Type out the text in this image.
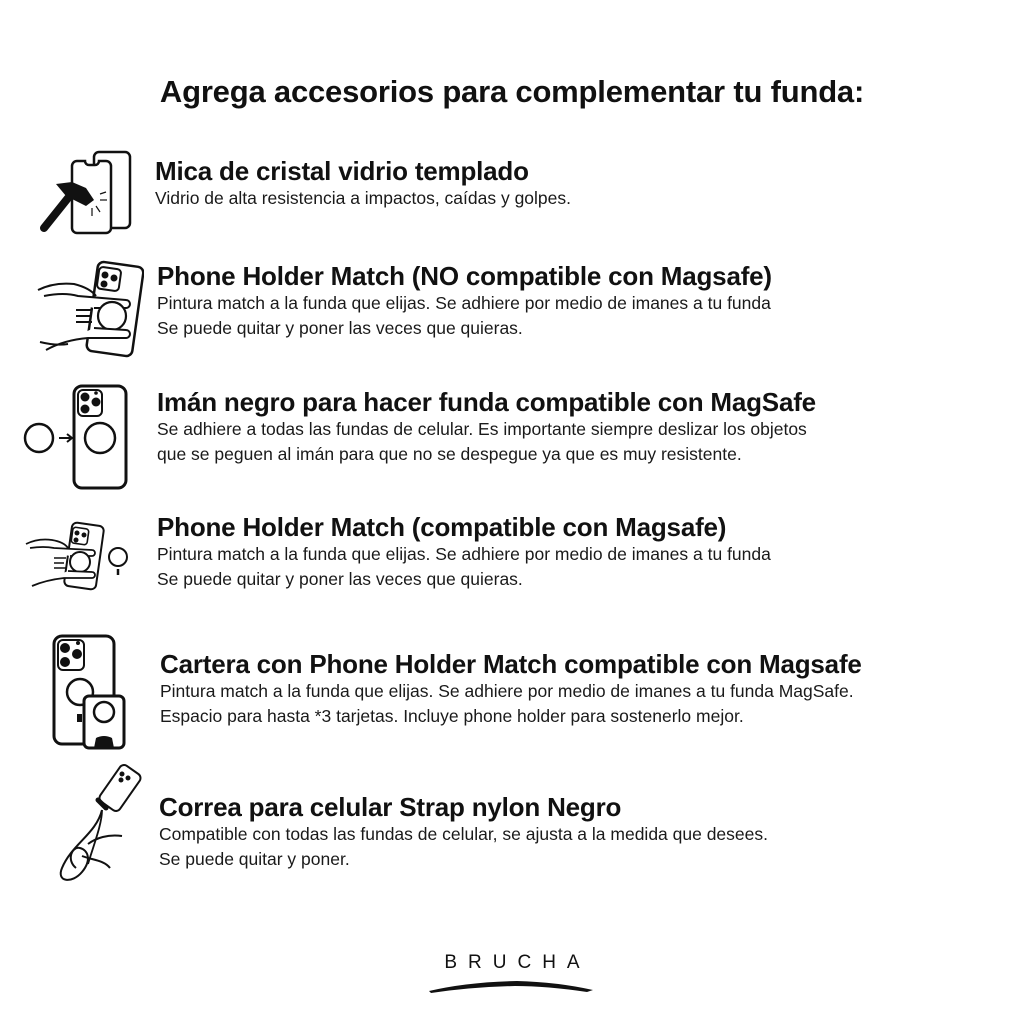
Agrega accesorios para complementar tu funda:
Mica de cristal vidrio templado
Vidrio de alta resistencia a impactos, caídas y golpes.
Phone Holder Match (NO compatible con Magsafe)
Pintura match a la funda que elijas. Se adhiere por medio de imanes a tu funda
Se puede quitar y poner las veces que quieras.
Imán negro para hacer funda compatible con MagSafe
Se adhiere a todas las fundas de celular. Es importante siempre deslizar los objetos
que se peguen al imán para que no se despegue ya que es muy resistente.
Phone Holder Match (compatible con Magsafe)
Pintura match a la funda que elijas. Se adhiere por medio de imanes a tu funda
Se puede quitar y poner las veces que quieras.
Cartera con Phone Holder Match compatible con Magsafe
Pintura match a la funda que elijas. Se adhiere por medio de imanes a tu funda MagSafe.
Espacio para hasta *3 tarjetas. Incluye phone holder para sostenerlo mejor.
Correa para celular Strap nylon Negro
Compatible con todas las fundas de celular, se ajusta a la medida que desees.
Se puede quitar y poner.
BRUCHA
